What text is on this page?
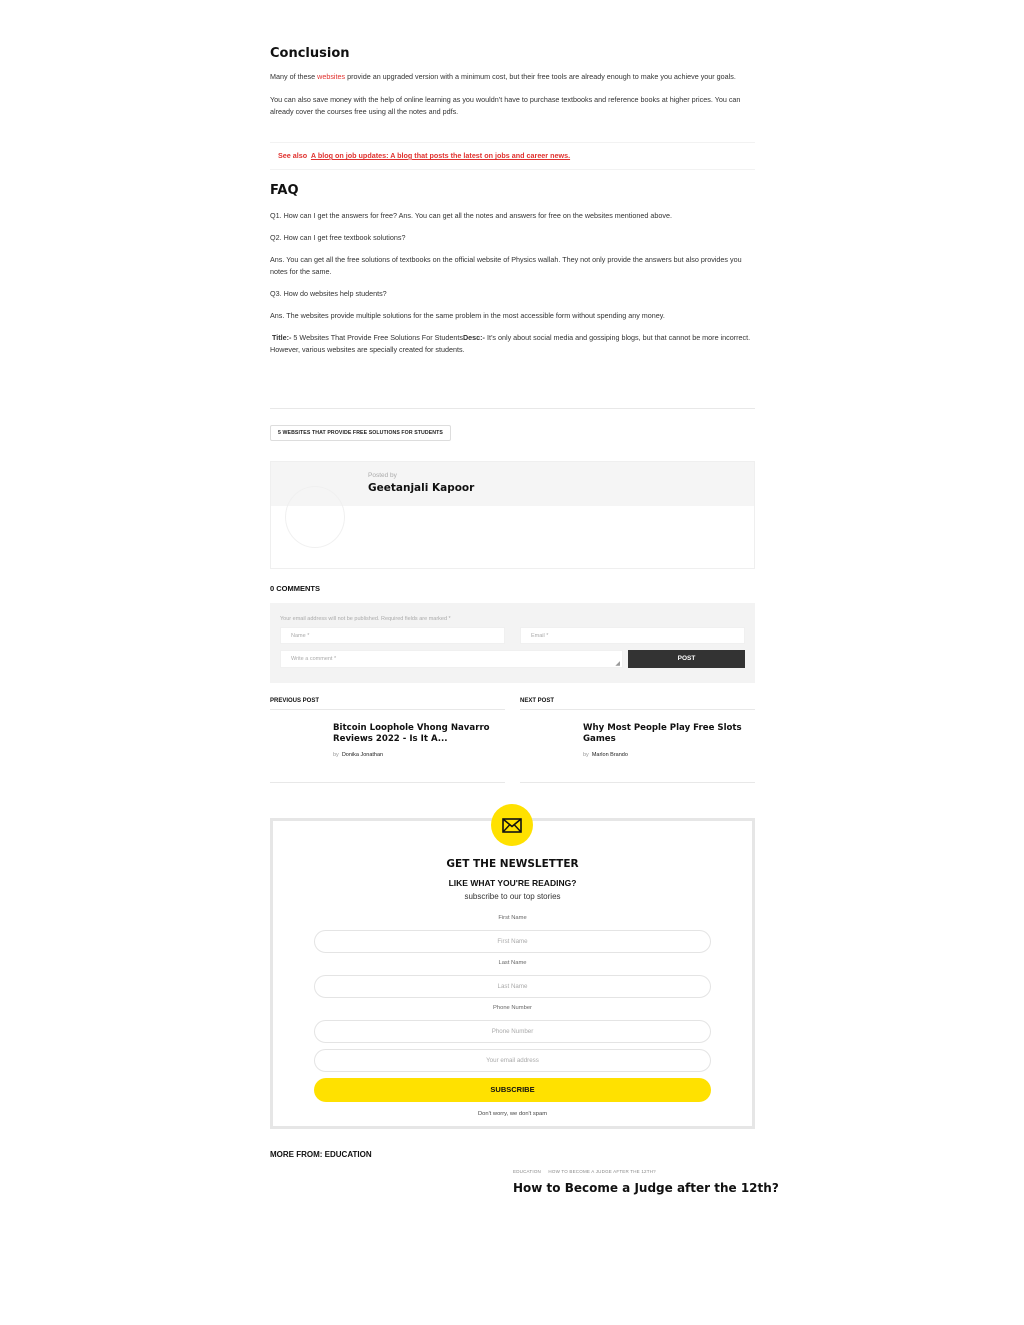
Conclusion

Many of these websites provide an upgraded version with a minimum cost, but their free tools are already enough to make you achieve your goals.

You can also save money with the help of online learning as you wouldn’t have to purchase textbooks and reference books at higher prices. You can already cover the courses free using all the notes and pdfs.

See also A blog on job updates: A blog that posts the latest on jobs and career news.
FAQ

Q1. How can I get the answers for free? Ans. You can get all the notes and answers for free on the websites mentioned above.

Q2. How can I get free textbook solutions?

Ans. You can get all the free solutions of textbooks on the official website of Physics wallah. They not only provide the answers but also provides you notes for the same.

Q3. How do websites help students?

Ans. The websites provide multiple solutions for the same problem in the most accessible form without spending any money.

Title:- 5 Websites That Provide Free Solutions For StudentsDesc:- It’s only about social media and gossiping blogs, but that cannot be more incorrect. However, various websites are specially created for students.

5 WEBSITES THAT PROVIDE FREE SOLUTIONS FOR STUDENTS
Posted by
Geetanjali Kapoor
0 COMMENTS
Your email address will not be published. Required fields are marked *
Name *	Email *
Write a comment *
◢
POST
PREVIOUS POST
Bitcoin Loophole Vhong Navarro Reviews 2022 - Is It A...
by Donika Jonathan
NEXT POST
Why Most People Play Free Slots Games
by Marlon Brando
GET THE NEWSLETTER
LIKE WHAT YOU'RE READING?
subscribe to our top stories
First Name
First Name
Last Name
Last Name
Phone Number
Phone Number
Your email address
SUBSCRIBE
Don't worry, we don't spam
MORE FROM: EDUCATION
EDUCATION HOW TO BECOME A JUDGE AFTER THE 12TH?
How to Become a Judge after the 12th?
